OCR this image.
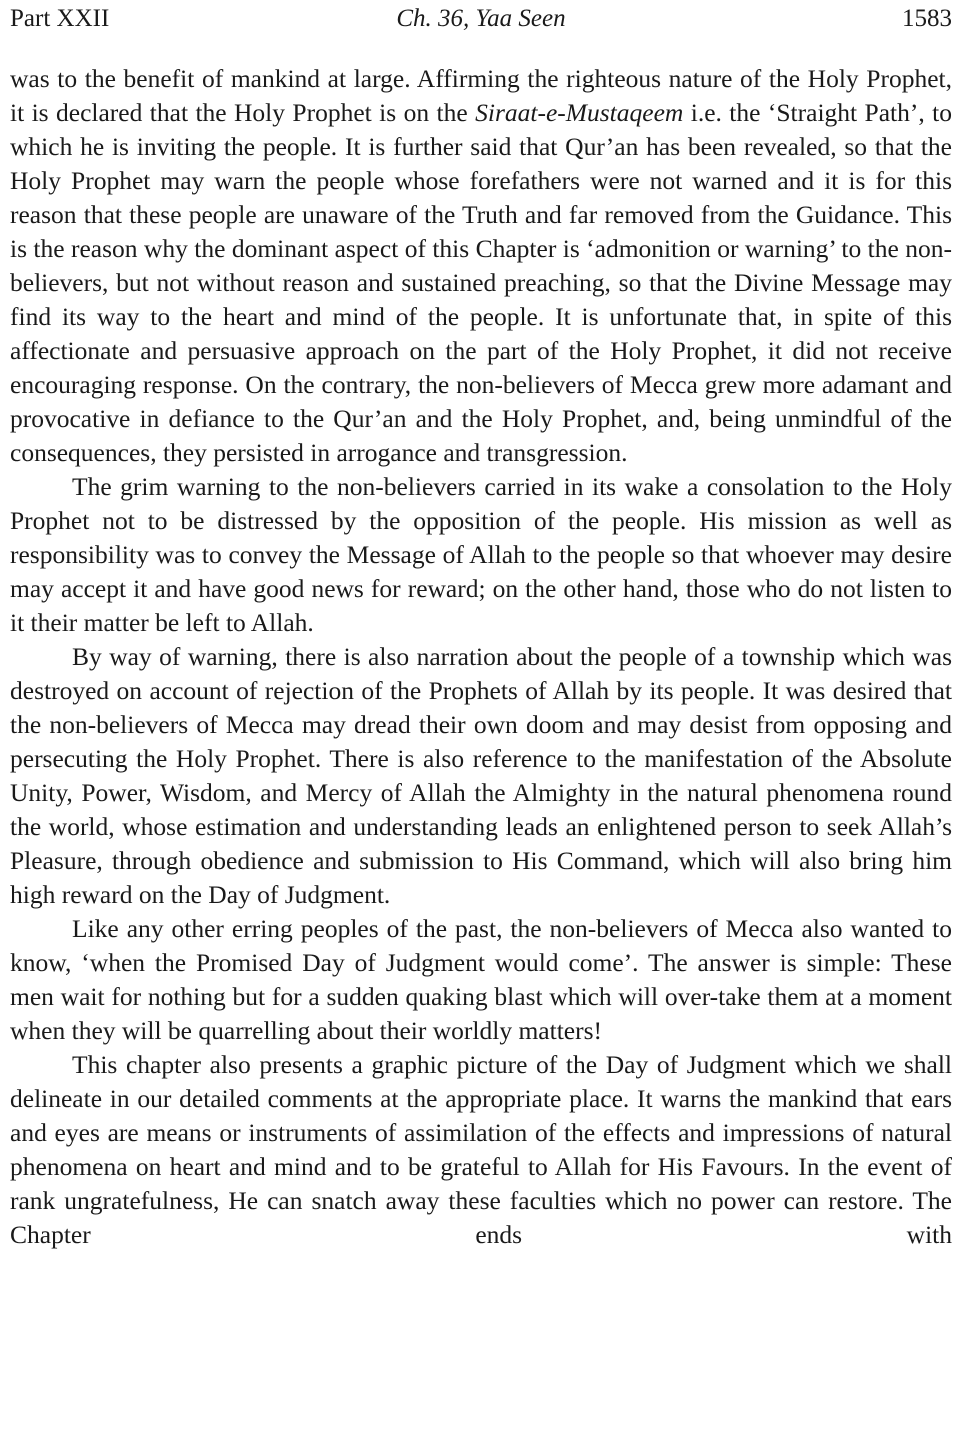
Part XXII	Ch. 36, Yaa Seen	1583

was to the benefit of mankind at large. Affirming the righteous nature of the Holy Prophet, it is declared that the Holy Prophet is on the Siraat-e-Mustaqeem i.e. the ‘Straight Path’, to which he is inviting the people. It is further said that Qur’an has been revealed, so that the Holy Prophet may warn the people whose forefathers were not warned and it is for this reason that these people are unaware of the Truth and far removed from the Guidance. This is the reason why the dominant aspect of this Chapter is ‘admonition or warning’ to the non-believers, but not without reason and sustained preaching, so that the Divine Message may find its way to the heart and mind of the people. It is unfortunate that, in spite of this affectionate and persuasive approach on the part of the Holy Prophet, it did not receive encouraging response. On the contrary, the non-believers of Mecca grew more adamant and provocative in defiance to the Qur’an and the Holy Prophet, and, being unmindful of the consequences, they persisted in arrogance and transgression.

The grim warning to the non-believers carried in its wake a consolation to the Holy Prophet not to be distressed by the opposition of the people. His mission as well as responsibility was to convey the Message of Allah to the people so that whoever may desire may accept it and have good news for reward; on the other hand, those who do not listen to it their matter be left to Allah.

By way of warning, there is also narration about the people of a township which was destroyed on account of rejection of the Prophets of Allah by its people. It was desired that the non-believers of Mecca may dread their own doom and may desist from opposing and persecuting the Holy Prophet. There is also reference to the manifestation of the Absolute Unity, Power, Wisdom, and Mercy of Allah the Almighty in the natural phenomena round the world, whose estimation and understanding leads an enlightened person to seek Allah’s Pleasure, through obedience and submission to His Command, which will also bring him high reward on the Day of Judgment.

Like any other erring peoples of the past, the non-believers of Mecca also wanted to know, ‘when the Promised Day of Judgment would come’. The answer is simple: These men wait for nothing but for a sudden quaking blast which will over-take them at a moment when they will be quarrelling about their worldly matters!

This chapter also presents a graphic picture of the Day of Judgment which we shall delineate in our detailed comments at the appropriate place. It warns the mankind that ears and eyes are means or instruments of assimilation of the effects and impressions of natural phenomena on heart and mind and to be grateful to Allah for His Favours. In the event of rank ungratefulness, He can snatch away these faculties which no power can restore. The Chapter ends with
